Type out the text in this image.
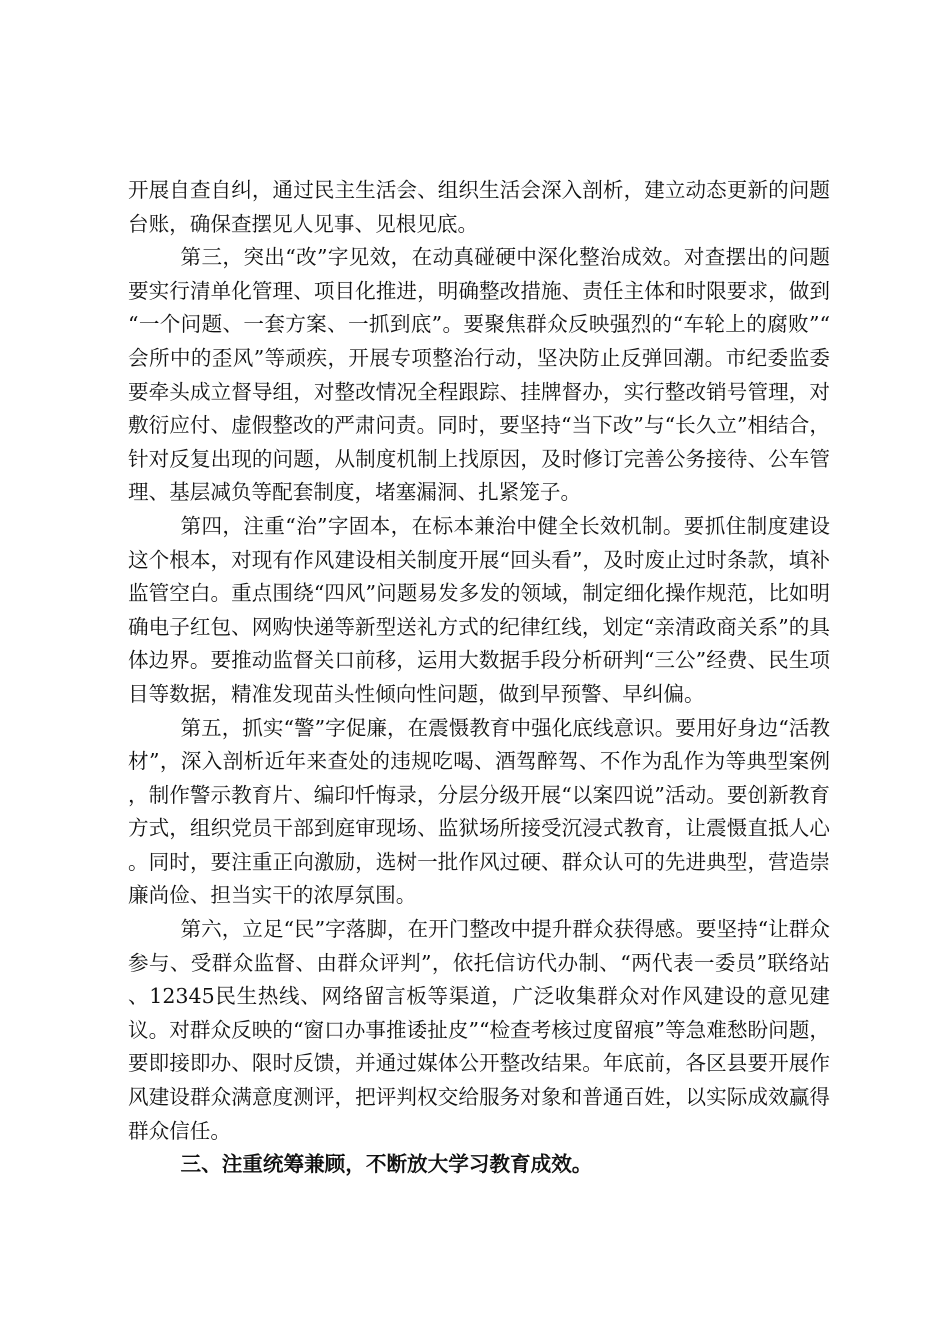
开展自查自纠，通过民主生活会、组织生活会深入剖析，建立动态更新的问题台账，确保查摆见人见事、见根见底。

第三，突出“改”字见效，在动真碰硬中深化整治成效。对查摆出的问题要实行清单化管理、项目化推进，明确整改措施、责任主体和时限要求，做到“一个问题、一套方案、一抓到底”。要聚焦群众反映强烈的“车轮上的腐败”“会所中的歪风”等顽疾，开展专项整治行动，坚决防止反弹回潮。市纪委监委要牵头成立督导组，对整改情况全程跟踪、挂牌督办，实行整改销号管理，对敷衍应付、虚假整改的严肃问责。同时，要坚持“当下改”与“长久立”相结合，针对反复出现的问题，从制度机制上找原因，及时修订完善公务接待、公车管理、基层减负等配套制度，堵塞漏洞、扎紧笼子。

第四，注重“治”字固本，在标本兼治中健全长效机制。要抓住制度建设这个根本，对现有作风建设相关制度开展“回头看”，及时废止过时条款，填补监管空白。重点围绕“四风”问题易发多发的领域，制定细化操作规范，比如明确电子红包、网购快递等新型送礼方式的纪律红线，划定“亲清政商关系”的具体边界。要推动监督关口前移，运用大数据手段分析研判“三公”经费、民生项目等数据，精准发现苗头性倾向性问题，做到早预警、早纠偏。

第五，抓实“警”字促廉，在震慑教育中强化底线意识。要用好身边“活教材”，深入剖析近年来查处的违规吃喝、酒驾醉驾、不作为乱作为等典型案例，制作警示教育片、编印忏悔录，分层分级开展“以案四说”活动。要创新教育方式，组织党员干部到庭审现场、监狱场所接受沉浸式教育，让震慑直抵人心。同时，要注重正向激励，选树一批作风过硬、群众认可的先进典型，营造崇廉尚俭、担当实干的浓厚氛围。

第六，立足“民”字落脚，在开门整改中提升群众获得感。要坚持“让群众参与、受群众监督、由群众评判”，依托信访代办制、“两代表一委员”联络站、12345民生热线、网络留言板等渠道，广泛收集群众对作风建设的意见建议。对群众反映的“窗口办事推诿扯皮”“检查考核过度留痕”等急难愁盼问题，要即接即办、限时反馈，并通过媒体公开整改结果。年底前，各区县要开展作风建设群众满意度测评，把评判权交给服务对象和普通百姓，以实际成效赢得群众信任。

三、注重统筹兼顾，不断放大学习教育成效。
